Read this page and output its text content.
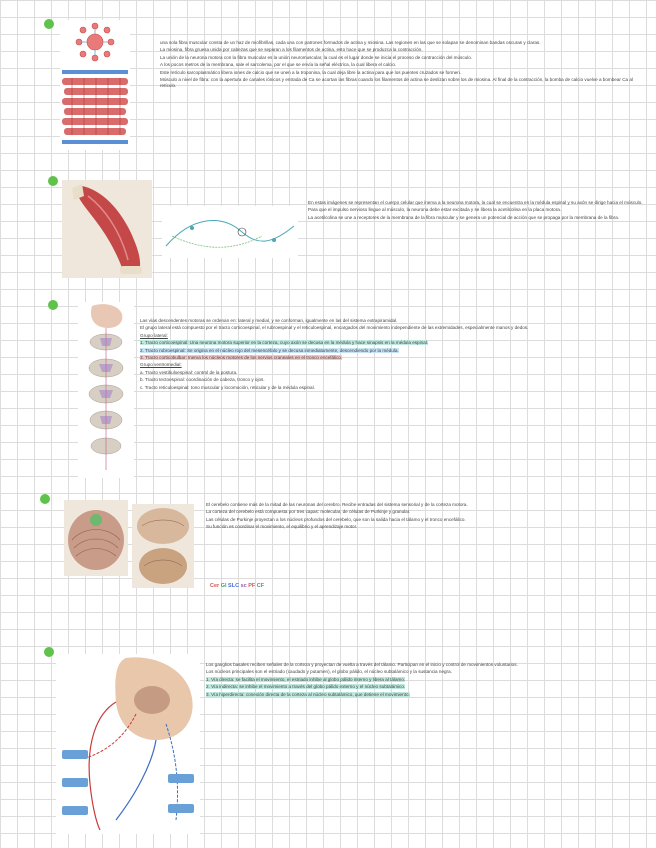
una sola fibra muscular consta de un haz de miofibrillas, cada una con patrones formados de actina y miosina. Las regiones en las que se solapan se denominan bandas oscuras y claras.

La miosina, fibra gruesa unida por cabezas que se separan a los filamentos de actina, esto hace que se produzca la contracción.

La unión de la neurona motora con la fibra muscular es la unión neuromuscular, la cual es el lugar donde se inicia el proceso de contracción del músculo.

A los pocos metros de la membrana, sale el sarcolema, por el que se envía la señal eléctrica, la cual libera el calcio.

Este retículo sarcoplasmático libera iones de calcio que se unen a la troponina, la cual deja libre la actina para que los puentes cruzados se formen.

Músculo a nivel de fibra: con la apertura de canales iónicos y entrada de Ca se acortan las fibras cuando los filamentos de actina se deslizan sobre los de miosina. Al final de la contracción, la bomba de calcio vuelve a bombear Ca al retículo.

En estas imágenes se representan el cuerpo celular que inerva a la neurona motora, la cual se encuentra en la médula espinal y su axón se dirige hacia el músculo.

Para que el impulso nervioso llegue al músculo, la neurona debe estar excitada y se libera la acetilcolina en la placa motora.

La acetilcolina se une a receptores de la membrana de la fibra muscular y se genera un potencial de acción que se propaga por la membrana de la fibra.

Las vías descendentes motoras se ordenan en: lateral y medial, y se conforman, igualmente en las del sistema extrapiramidal.

El grupo lateral está compuesto por el tracto corticoespinal, el rubroespinal y el reticuloespinal, encargados del movimiento independiente de las extremidades, especialmente manos y dedos.

Grupo lateral:

1. Tracto corticoespinal: Una neurona motora superior en la corteza, cuyo axón se decusa en la médula y hace sinapsis en la médula espinal.

2. Tracto rubroespinal: Se origina en el núcleo rojo del mesencéfalo y se decusa inmediatamente, descendiendo por la médula.

3. Tracto corticobulbar: Inerva los núcleos motores de los nervios craneales en el tronco encefálico.

Grupo ventromedial:

a. Tracto vestibuloespinal: control de la postura.

b. Tracto tectoespinal: coordinación de cabeza, tronco y ojos.

c. Tracto reticuloespinal: tono muscular y locomoción, reticular y de la médula espinal.

El cerebelo contiene más de la mitad de las neuronas del cerebro. Recibe entradas del sistema sensorial y de la corteza motora.

La corteza del cerebelo está compuesta por tres capas: molecular, de células de Purkinje y granular.

Las células de Purkinje proyectan a los núcleos profundos del cerebelo, que son la salida hacia el tálamo y el tronco encefálico.

Su función es coordinar el movimiento, el equilibrio y el aprendizaje motor.

Cer Gl SLC sc PF CF

Los ganglios basales reciben señales de la corteza y proyectan de vuelta a través del tálamo. Participan en el inicio y control de movimientos voluntarios.

Los núcleos principales son el estriado (caudado y putamen), el globo pálido, el núcleo subtalámico y la sustancia negra.

1. Vía directa: se facilita el movimiento, el estriado inhibe al globo pálido interno y libera al tálamo.

2. Vía indirecta: se inhibe el movimiento a través del globo pálido externo y el núcleo subtalámico.

3. Vía hiperdirecta: conexión directa de la corteza al núcleo subtalámico, que detiene el movimiento.
